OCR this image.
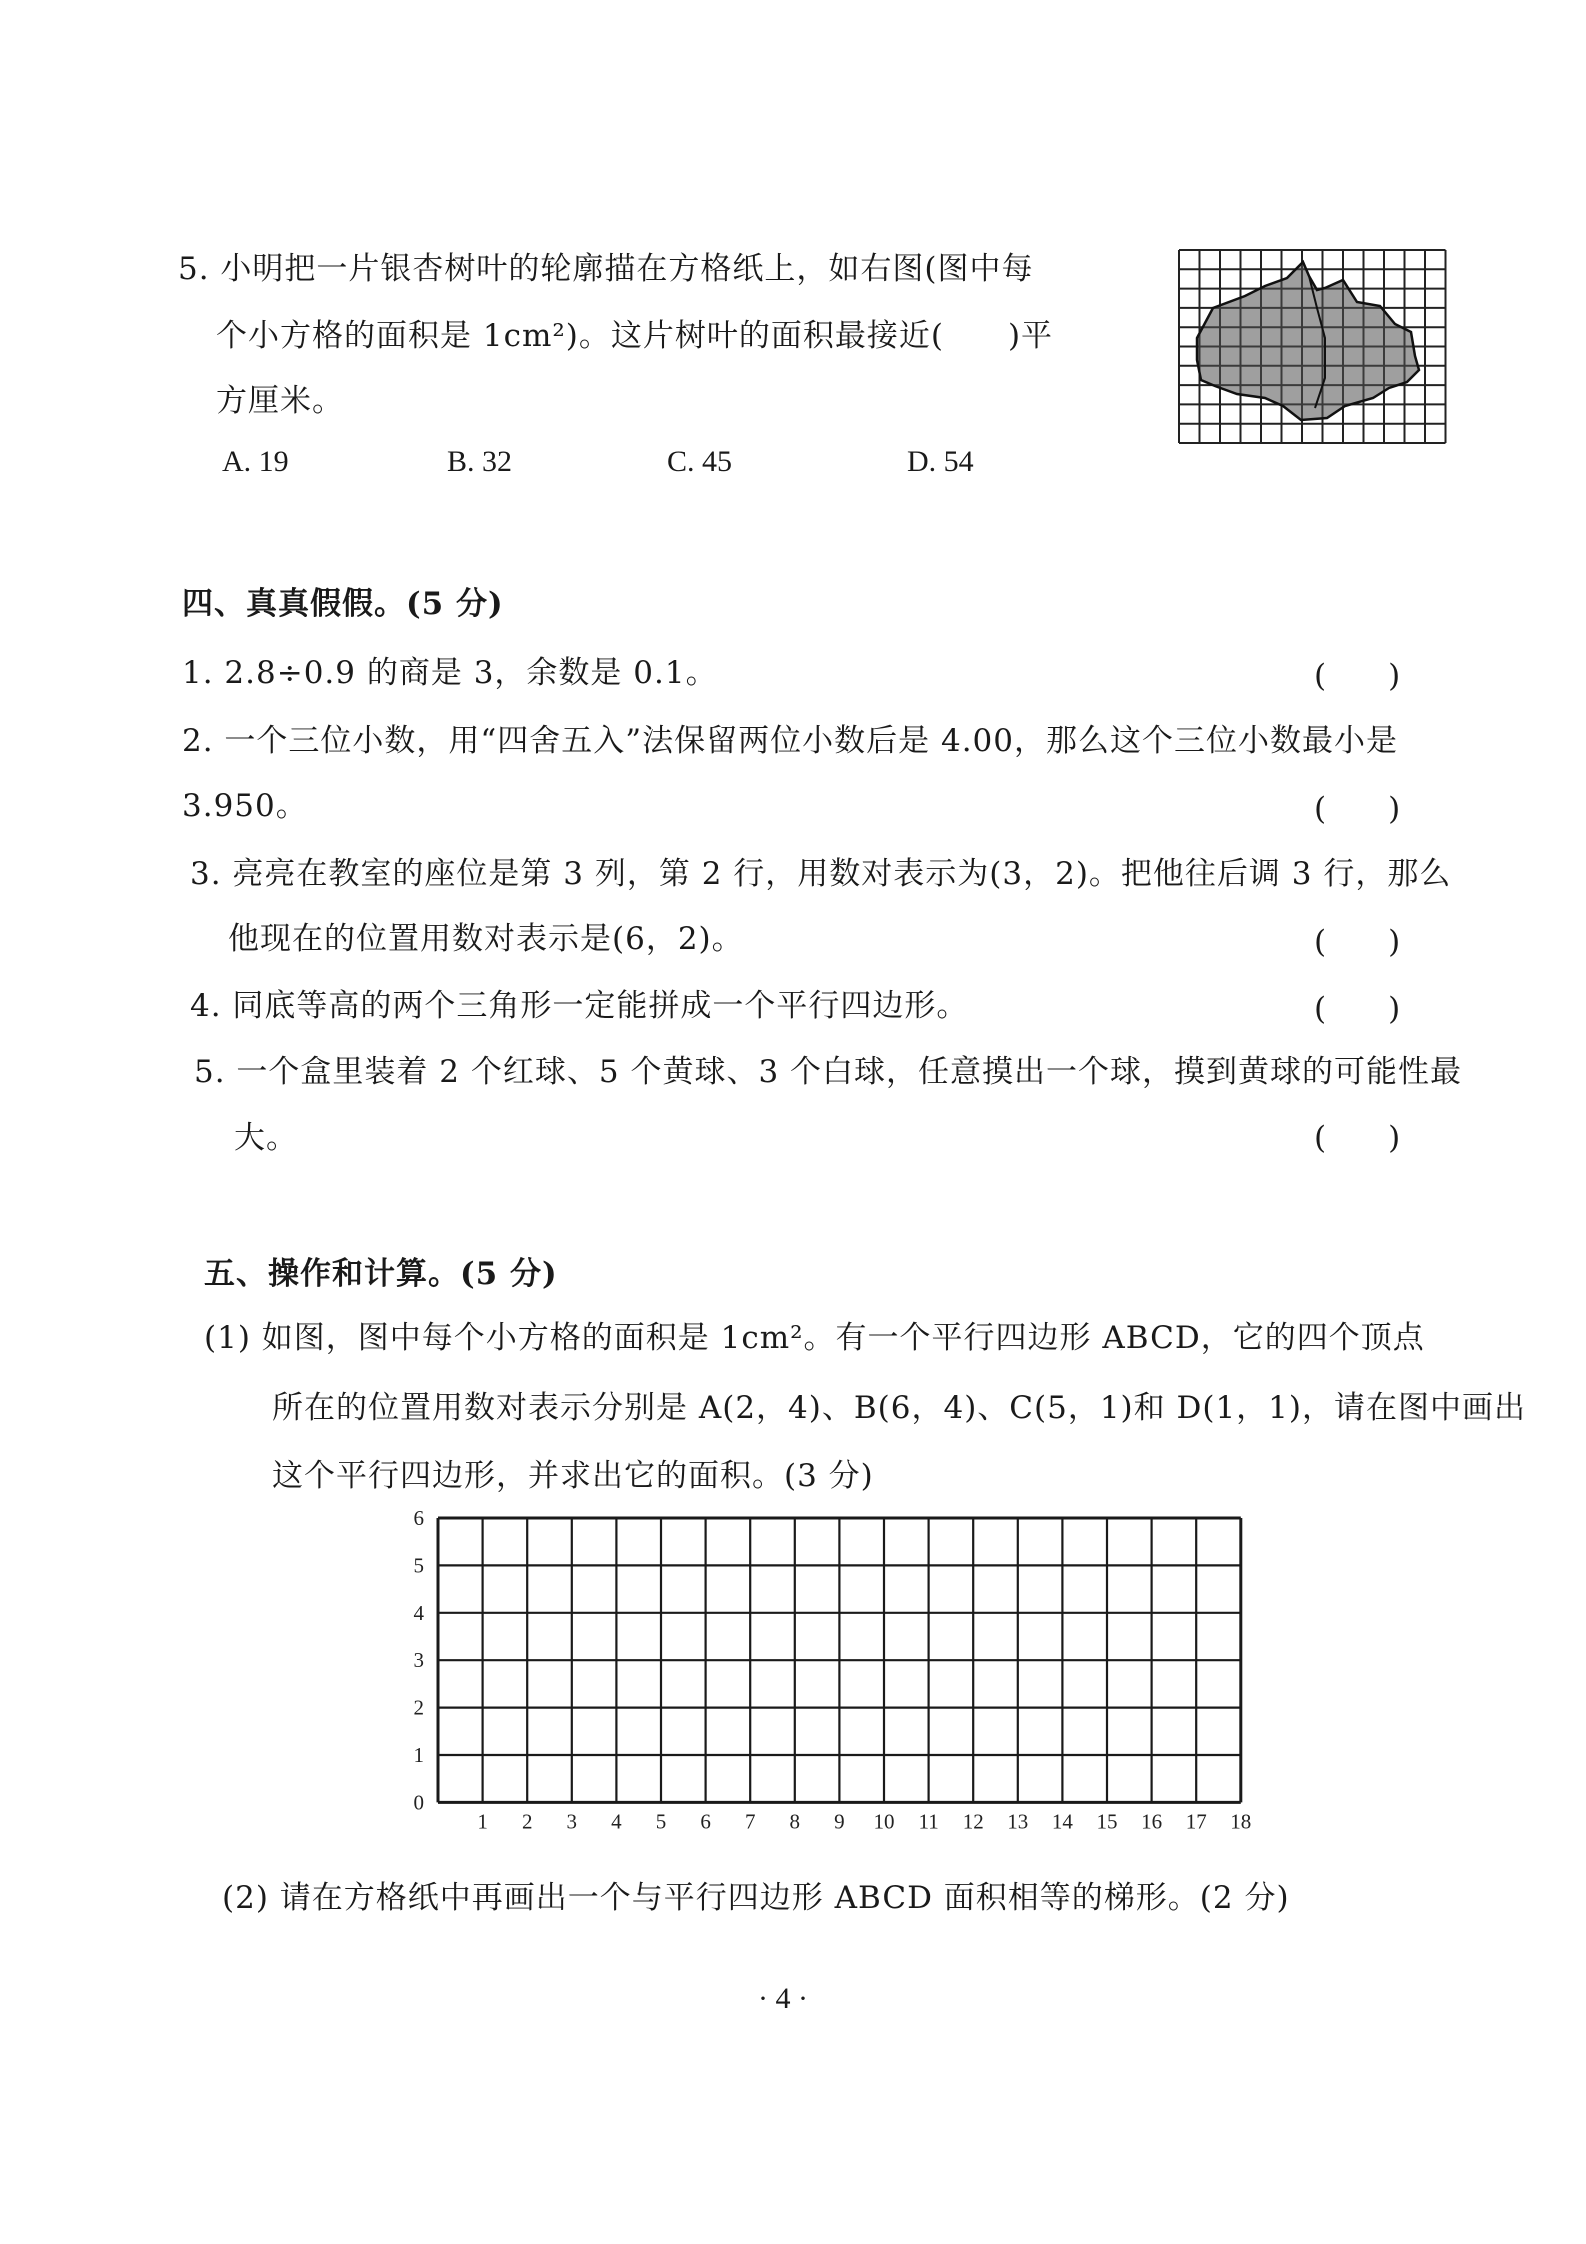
5. 小明把一片银杏树叶的轮廓描在方格纸上，如右图(图中每
个小方格的面积是 1cm²)。这片树叶的面积最接近(　　)平
方厘米。
A. 19	B. 32	C. 45	D. 54
四、真真假假。(5 分)
1. 2.8÷0.9 的商是 3，余数是 0.1。	(　　)
2. 一个三位小数，用“四舍五入”法保留两位小数后是 4.00，那么这个三位小数最小是
3.950。	(　　)
3. 亮亮在教室的座位是第 3 列，第 2 行，用数对表示为(3，2)。把他往后调 3 行，那么
他现在的位置用数对表示是(6，2)。	(　　)
4. 同底等高的两个三角形一定能拼成一个平行四边形。	(　　)
5. 一个盒里装着 2 个红球、5 个黄球、3 个白球，任意摸出一个球，摸到黄球的可能性最
大。	(　　)
五、操作和计算。(5 分)
(1) 如图，图中每个小方格的面积是 1cm²。有一个平行四边形 ABCD，它的四个顶点
所在的位置用数对表示分别是 A(2，4)、B(6，4)、C(5，1)和 D(1，1)，请在图中画出
这个平行四边形，并求出它的面积。(3 分)
1 2 3 4 5 6 7 8 9 10 11 12 13 14 15 16 17 18
6
5
4
3
2
1
0
(2) 请在方格纸中再画出一个与平行四边形 ABCD 面积相等的梯形。(2 分)
· 4 ·
